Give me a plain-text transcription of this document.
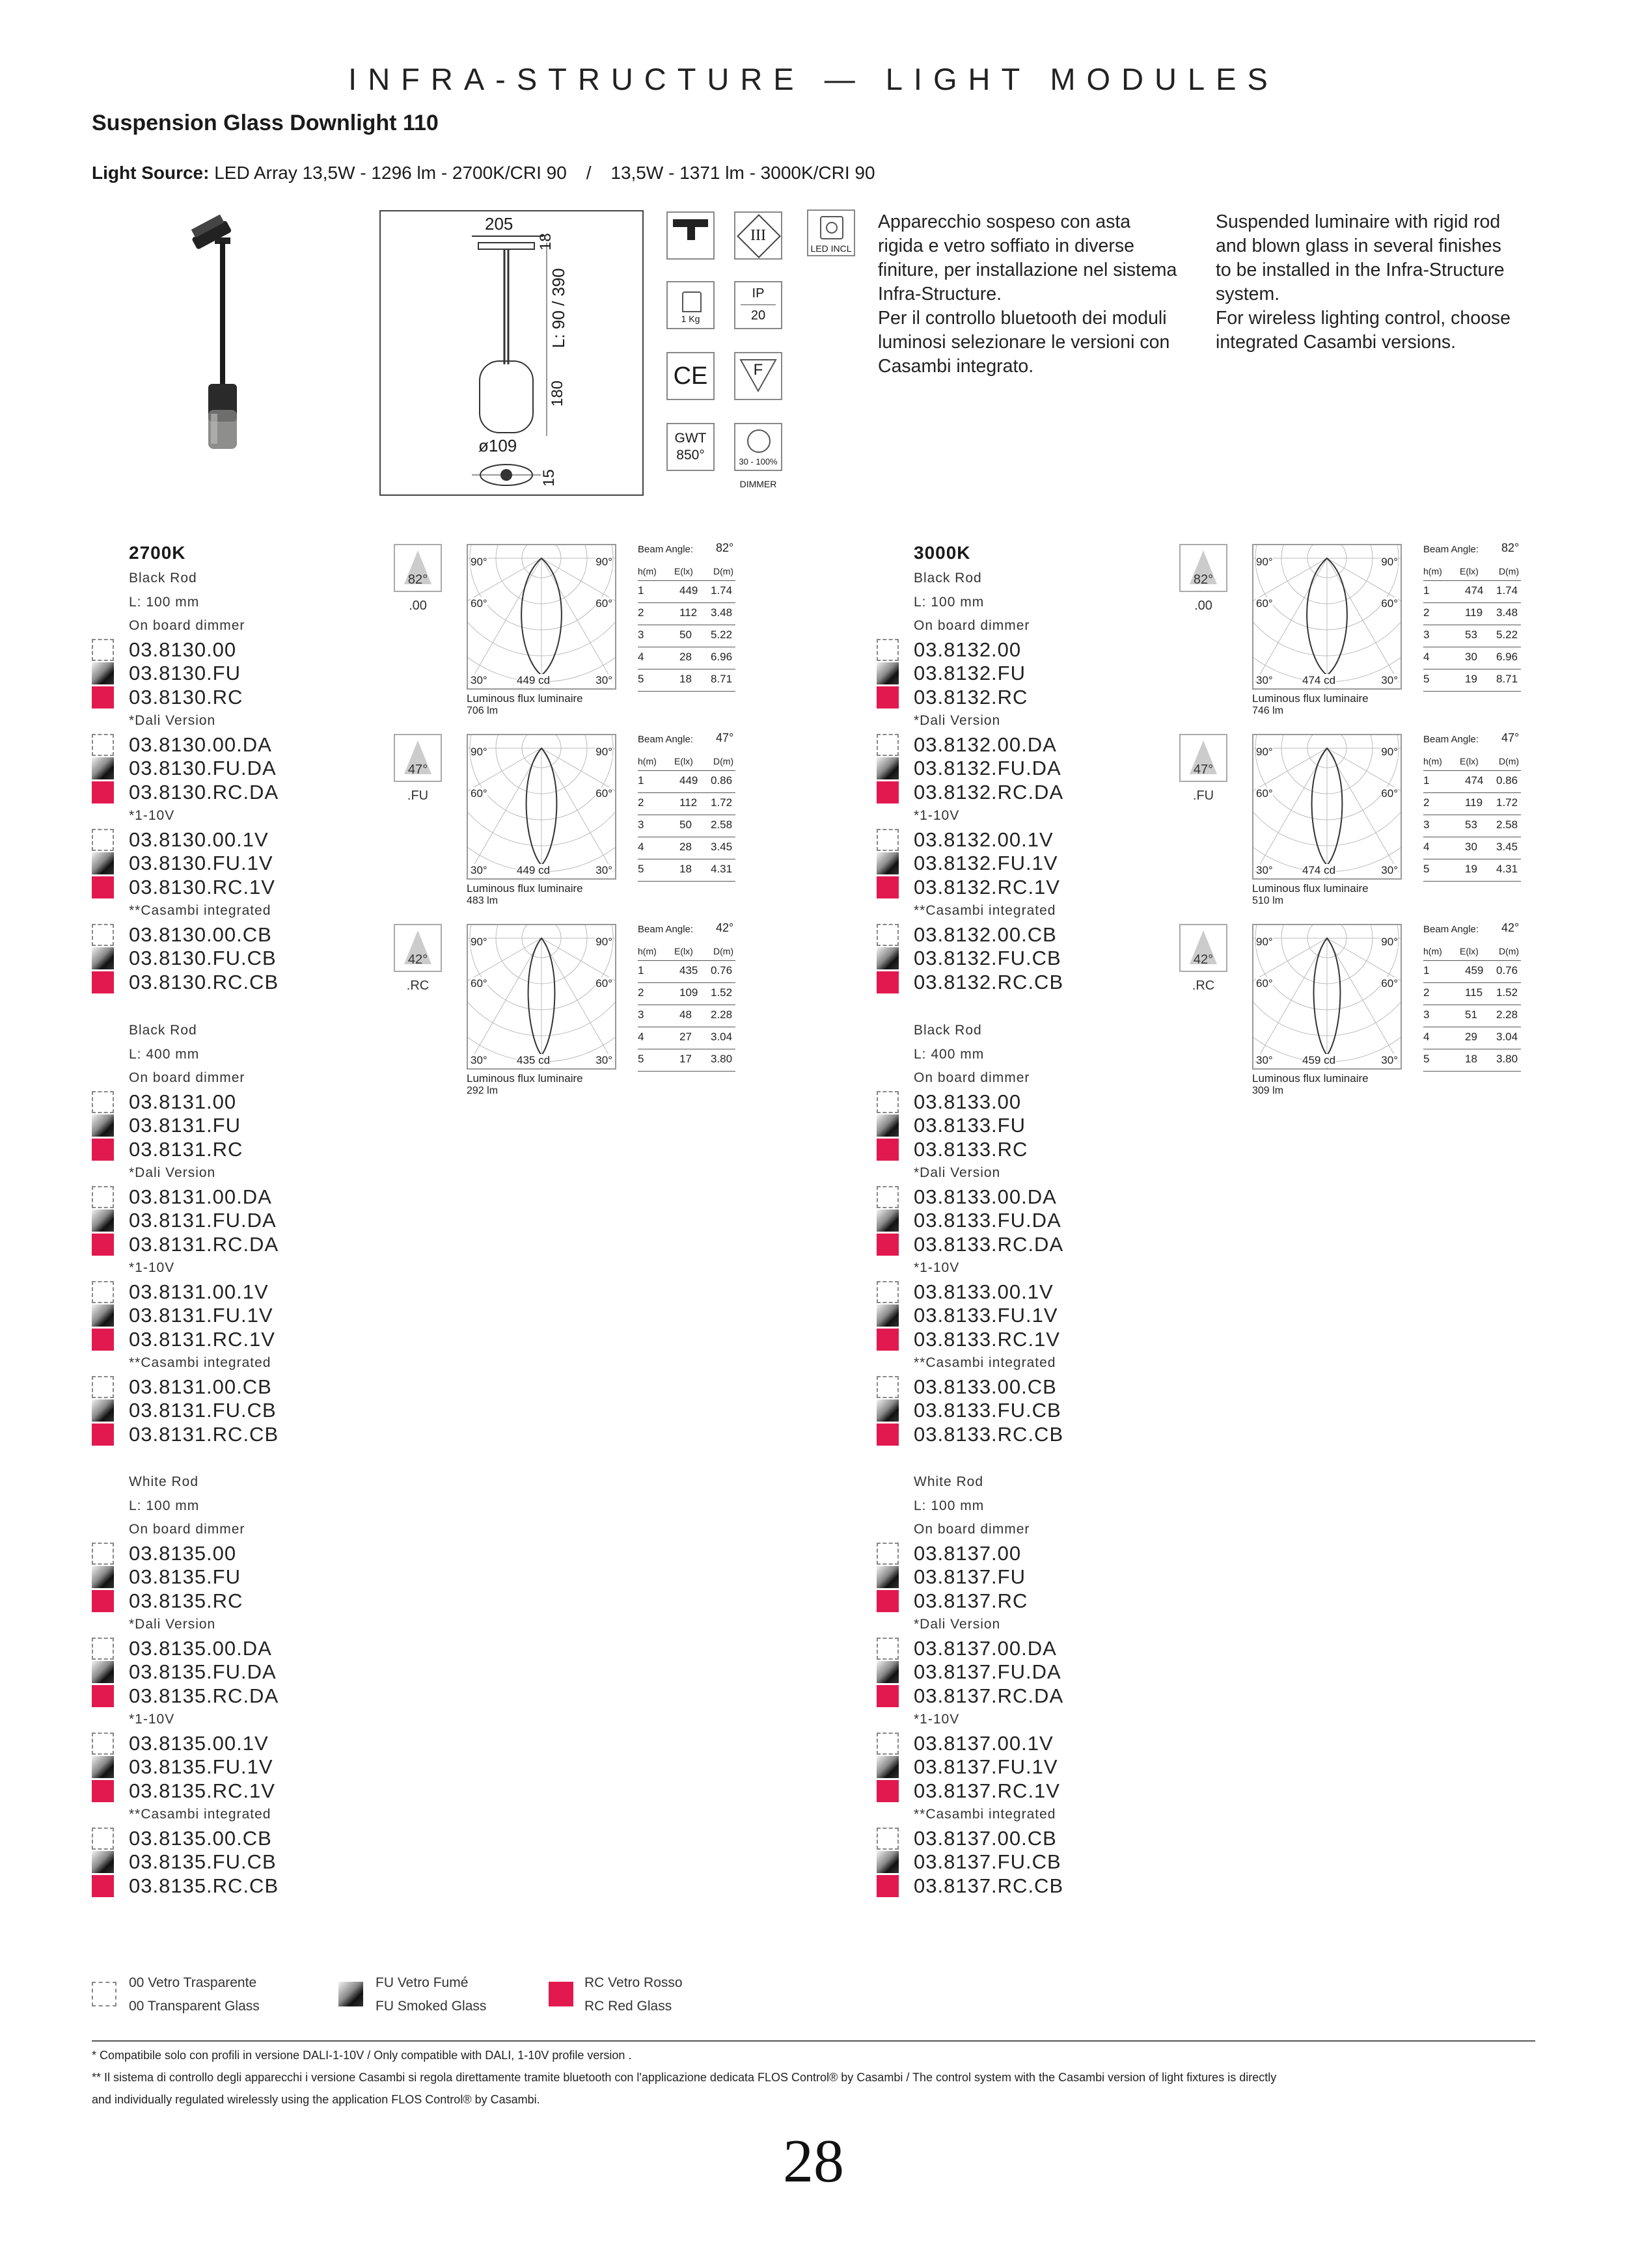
INFRA-STRUCTURE — LIGHT MODULES
Suspension Glass Downlight 110
Light Source: LED Array 13,5W - 1296 lm - 2700K/CRI 90 / 13,5W - 1371 lm - 3000K/CRI 90
205
18
L: 90 / 390
180
ø109
15
III
LED INCL
1 Kg
IP
20
CE	F
GWT
850°	30 - 100%
DIMMER
Apparecchio sospeso con asta
rigida e vetro soffiato in diverse
finiture, per installazione nel sistema
Infra-Structure.
Per il controllo bluetooth dei moduli
luminosi selezionare le versioni con
Casambi integrato.
Suspended luminaire with rigid rod
and blown glass in several finishes
to be installed in the Infra-Structure
system.
For wireless lighting control, choose
integrated Casambi versions.
2700K
Black Rod
L: 100 mm
On board dimmer
03.8130.00
03.8130.FU
03.8130.RC
*Dali Version
03.8130.00.DA
03.8130.FU.DA
03.8130.RC.DA
*1-10V
03.8130.00.1V
03.8130.FU.1V
03.8130.RC.1V
**Casambi integrated
03.8130.00.CB
03.8130.FU.CB
03.8130.RC.CB
Black Rod
L: 400 mm
On board dimmer
03.8131.00
03.8131.FU
03.8131.RC
*Dali Version
03.8131.00.DA
03.8131.FU.DA
03.8131.RC.DA
*1-10V
03.8131.00.1V
03.8131.FU.1V
03.8131.RC.1V
**Casambi integrated
03.8131.00.CB
03.8131.FU.CB
03.8131.RC.CB
White Rod
L: 100 mm
On board dimmer
03.8135.00
03.8135.FU
03.8135.RC
*Dali Version
03.8135.00.DA
03.8135.FU.DA
03.8135.RC.DA
*1-10V
03.8135.00.1V
03.8135.FU.1V
03.8135.RC.1V
**Casambi integrated
03.8135.00.CB
03.8135.FU.CB
03.8135.RC.CB
3000K
Black Rod
L: 100 mm
On board dimmer
03.8132.00
03.8132.FU
03.8132.RC
*Dali Version
03.8132.00.DA
03.8132.FU.DA
03.8132.RC.DA
*1-10V
03.8132.00.1V
03.8132.FU.1V
03.8132.RC.1V
**Casambi integrated
03.8132.00.CB
03.8132.FU.CB
03.8132.RC.CB
Black Rod
L: 400 mm
On board dimmer
03.8133.00
03.8133.FU
03.8133.RC
*Dali Version
03.8133.00.DA
03.8133.FU.DA
03.8133.RC.DA
*1-10V
03.8133.00.1V
03.8133.FU.1V
03.8133.RC.1V
**Casambi integrated
03.8133.00.CB
03.8133.FU.CB
03.8133.RC.CB
White Rod
L: 100 mm
On board dimmer
03.8137.00
03.8137.FU
03.8137.RC
*Dali Version
03.8137.00.DA
03.8137.FU.DA
03.8137.RC.DA
*1-10V
03.8137.00.1V
03.8137.FU.1V
03.8137.RC.1V
**Casambi integrated
03.8137.00.CB
03.8137.FU.CB
03.8137.RC.CB
82°
.00
90°	90°
60°	60°
30°	30°
449 cd
Luminous flux luminaire
706 lm
Beam Angle: 82°
h(m) E(lx) D(m)
1	449 1.74
2	112 3.48
3	50 5.22
4	28 6.96
5	18 8.71
47°
.FU
90°	90°
60°	60°
30°	30°
449 cd
Luminous flux luminaire
483 lm
Beam Angle: 47°
h(m) E(lx) D(m)
1	449 0.86
2	112 1.72
3	50 2.58
4	28 3.45
5	18 4.31
42°
.RC
90°	90°
60°	60°
30°	30°
435 cd
Luminous flux luminaire
292 lm
Beam Angle: 42°
h(m) E(lx) D(m)
1	435 0.76
2	109 1.52
3	48 2.28
4	27 3.04
5	17 3.80
82°
.00
90°	90°
60°	60°
30°	30°
474 cd
Luminous flux luminaire
746 lm
Beam Angle: 82°
h(m) E(lx) D(m)
1	474 1.74
2	119 3.48
3	53 5.22
4	30 6.96
5	19 8.71
47°
.FU
90°	90°
60°	60°
30°	30°
474 cd
Luminous flux luminaire
510 lm
Beam Angle: 47°
h(m) E(lx) D(m)
1	474 0.86
2	119 1.72
3	53 2.58
4	30 3.45
5	19 4.31
42°
.RC
90°	90°
60°	60°
30°	30°
459 cd
Luminous flux luminaire
309 lm
Beam Angle: 42°
h(m) E(lx) D(m)
1	459 0.76
2	115 1.52
3	51 2.28
4	29 3.04
5	18 3.80
00 Vetro Trasparente
00 Transparent Glass
FU Vetro Fumé
FU Smoked Glass
RC Vetro Rosso
RC Red Glass
* Compatibile solo con profili in versione DALI-1-10V / Only compatible with DALI, 1-10V profile version .
** Il sistema di controllo degli apparecchi i versione Casambi si regola direttamente tramite bluetooth con l'applicazione dedicata FLOS Control® by Casambi / The control system with the Casambi version of light fixtures is directly
and individually regulated wirelessly using the application FLOS Control® by Casambi.
28
